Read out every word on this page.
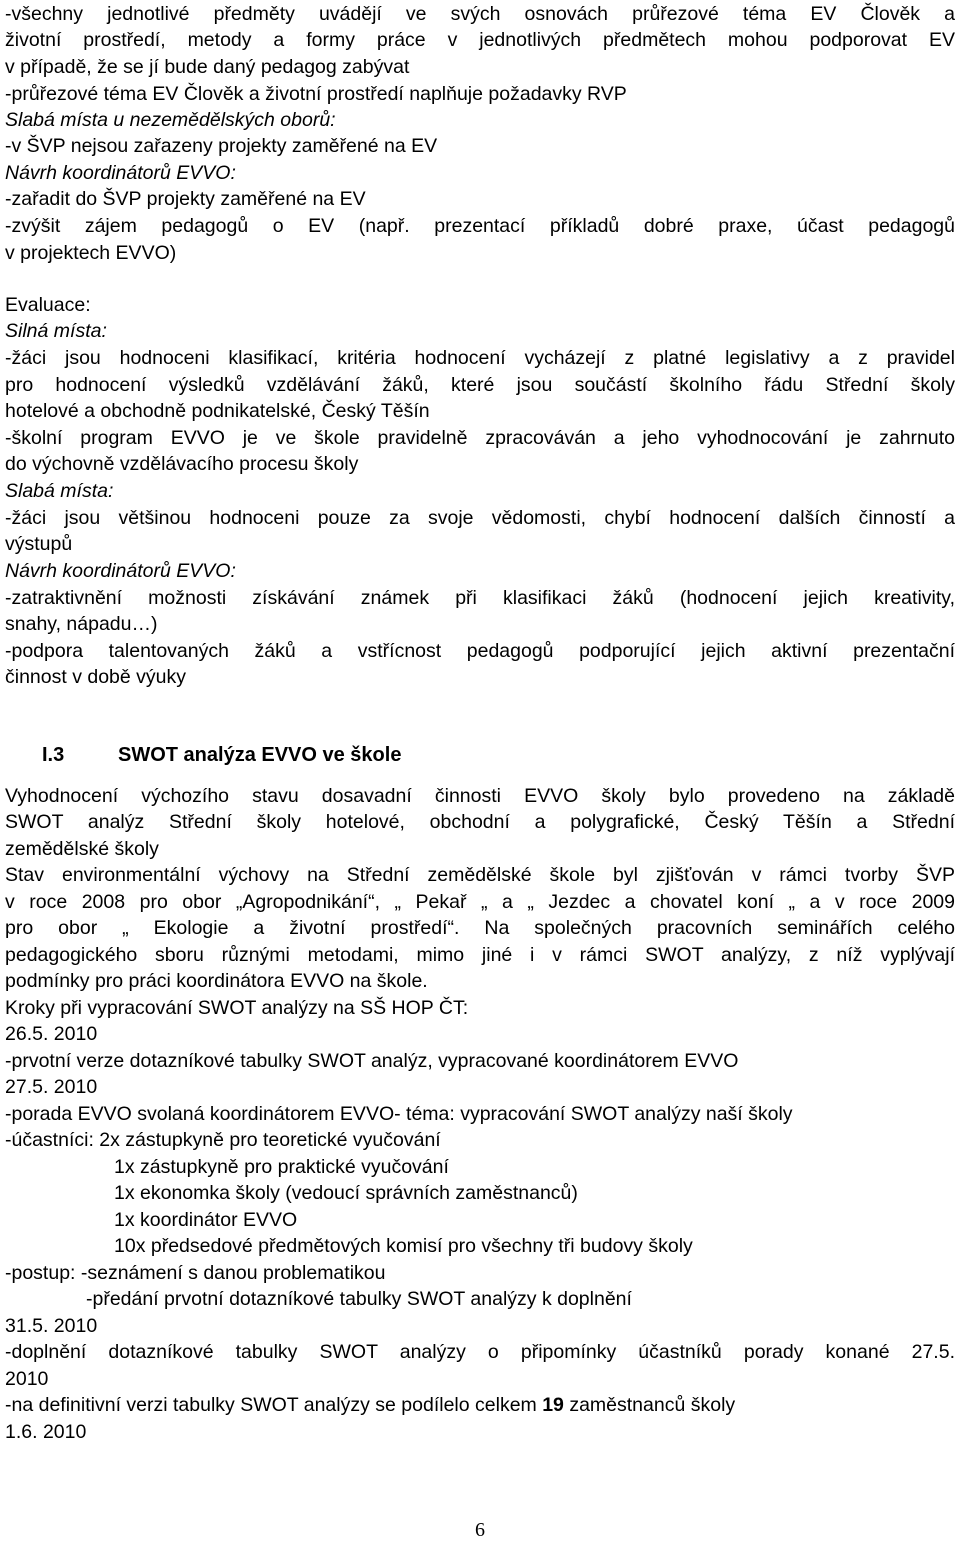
-všechny jednotlivé předměty uvádějí ve svých osnovách průřezové téma EV Člověk a
životní prostředí, metody a formy práce v jednotlivých předmětech mohou podporovat EV
v případě, že se jí bude daný pedagog zabývat
-průřezové téma EV Člověk a životní prostředí naplňuje požadavky RVP
Slabá místa u nezemědělských oborů:
-v ŠVP nejsou zařazeny projekty zaměřené na EV
Návrh koordinátorů EVVO:
-zařadit do ŠVP projekty zaměřené na EV
-zvýšit zájem pedagogů o EV (např. prezentací příkladů dobré praxe, účast pedagogů
v projektech EVVO)
Evaluace:
Silná místa:
-žáci jsou hodnoceni klasifikací, kritéria hodnocení vycházejí z platné legislativy a z pravidel
pro hodnocení výsledků vzdělávání žáků, které jsou součástí školního řádu Střední školy
hotelové a obchodně podnikatelské, Český Těšín
-školní program EVVO je ve škole pravidelně zpracováván a jeho vyhodnocování je zahrnuto
do výchovně vzdělávacího procesu školy
Slabá místa:
-žáci jsou většinou hodnoceni pouze za svoje vědomosti, chybí hodnocení dalších činností a
výstupů
Návrh koordinátorů EVVO:
-zatraktivnění možnosti získávání známek při klasifikaci žáků (hodnocení jejich kreativity,
snahy, nápadu…)
-podpora talentovaných žáků a vstřícnost pedagogů podporující jejich aktivní prezentační
činnost v době výuky
I.3	SWOT analýza EVVO ve škole
Vyhodnocení výchozího stavu dosavadní činnosti EVVO školy bylo provedeno na základě
SWOT analýz Střední školy hotelové, obchodní a polygrafické, Český Těšín a Střední
zemědělské školy
Stav environmentální výchovy na Střední zemědělské škole byl zjišťován v rámci tvorby ŠVP
v roce 2008 pro obor „Agropodnikání“, „ Pekař „ a „ Jezdec a chovatel koní „ a v roce 2009
pro obor „ Ekologie a životní prostředí“. Na společných pracovních seminářích celého
pedagogického sboru různými metodami, mimo jiné i v rámci SWOT analýzy, z níž vyplývají
podmínky pro práci koordinátora EVVO na škole.
Kroky při vypracování SWOT analýzy na SŠ HOP ČT:
26.5. 2010
-prvotní verze dotazníkové tabulky SWOT analýz, vypracované koordinátorem EVVO
27.5. 2010
-porada EVVO svolaná koordinátorem EVVO- téma: vypracování SWOT analýzy naší školy
-účastníci: 2x zástupkyně pro teoretické vyučování
1x zástupkyně pro praktické vyučování
1x ekonomka školy (vedoucí správních zaměstnanců)
1x koordinátor EVVO
10x předsedové předmětových komisí pro všechny tři budovy školy
-postup: -seznámení s danou problematikou
-předání prvotní dotazníkové tabulky SWOT analýzy k doplnění
31.5. 2010
-doplnění dotazníkové tabulky SWOT analýzy o připomínky účastníků porady konané 27.5.
2010
-na definitivní verzi tabulky SWOT analýzy se podílelo celkem 19 zaměstnanců školy
1.6. 2010
6
